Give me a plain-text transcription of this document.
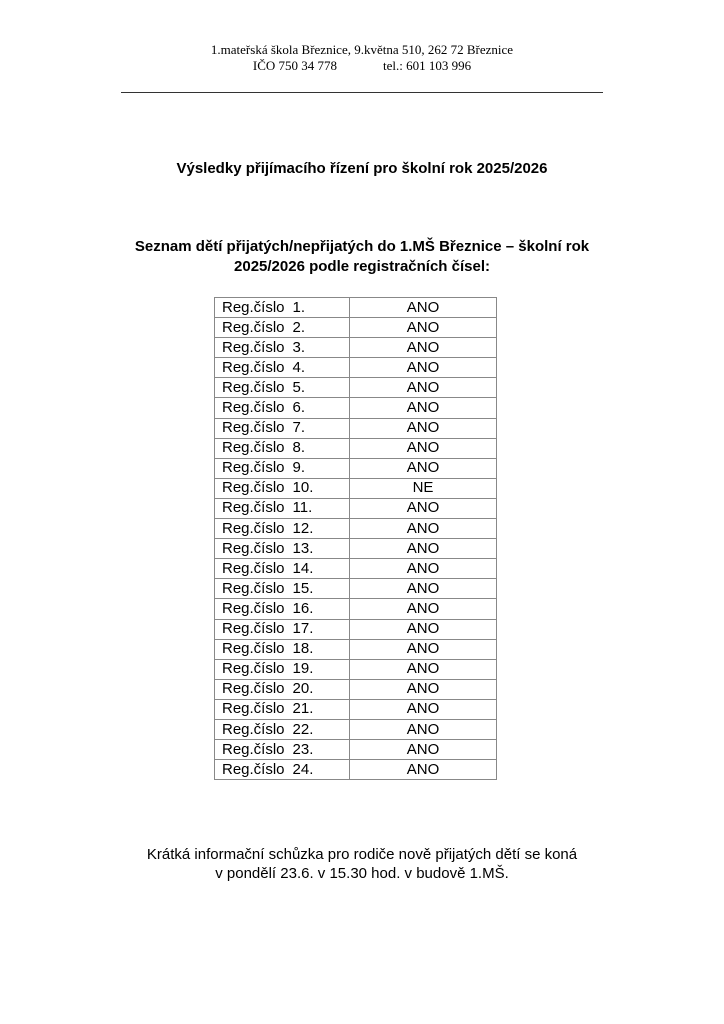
1.mateřská škola Březnice, 9.května 510, 262 72 Březnice
IČO 750 34 778	tel.: 601 103 996
Výsledky přijímacího řízení pro školní rok 2025/2026
Seznam dětí přijatých/nepřijatých do 1.MŠ Březnice – školní rok
2025/2026 podle registračních čísel:
Reg.číslo 1.	ANO
Reg.číslo 2.	ANO
Reg.číslo 3.	ANO
Reg.číslo 4.	ANO
Reg.číslo 5.	ANO
Reg.číslo 6.	ANO
Reg.číslo 7.	ANO
Reg.číslo 8.	ANO
Reg.číslo 9.	ANO
Reg.číslo 10.	NE
Reg.číslo 11.	ANO
Reg.číslo 12.	ANO
Reg.číslo 13.	ANO
Reg.číslo 14.	ANO
Reg.číslo 15.	ANO
Reg.číslo 16.	ANO
Reg.číslo 17.	ANO
Reg.číslo 18.	ANO
Reg.číslo 19.	ANO
Reg.číslo 20.	ANO
Reg.číslo 21.	ANO
Reg.číslo 22.	ANO
Reg.číslo 23.	ANO
Reg.číslo 24.	ANO
Krátká informační schůzka pro rodiče nově přijatých dětí se koná
v pondělí 23.6. v 15.30 hod. v budově 1.MŠ.
